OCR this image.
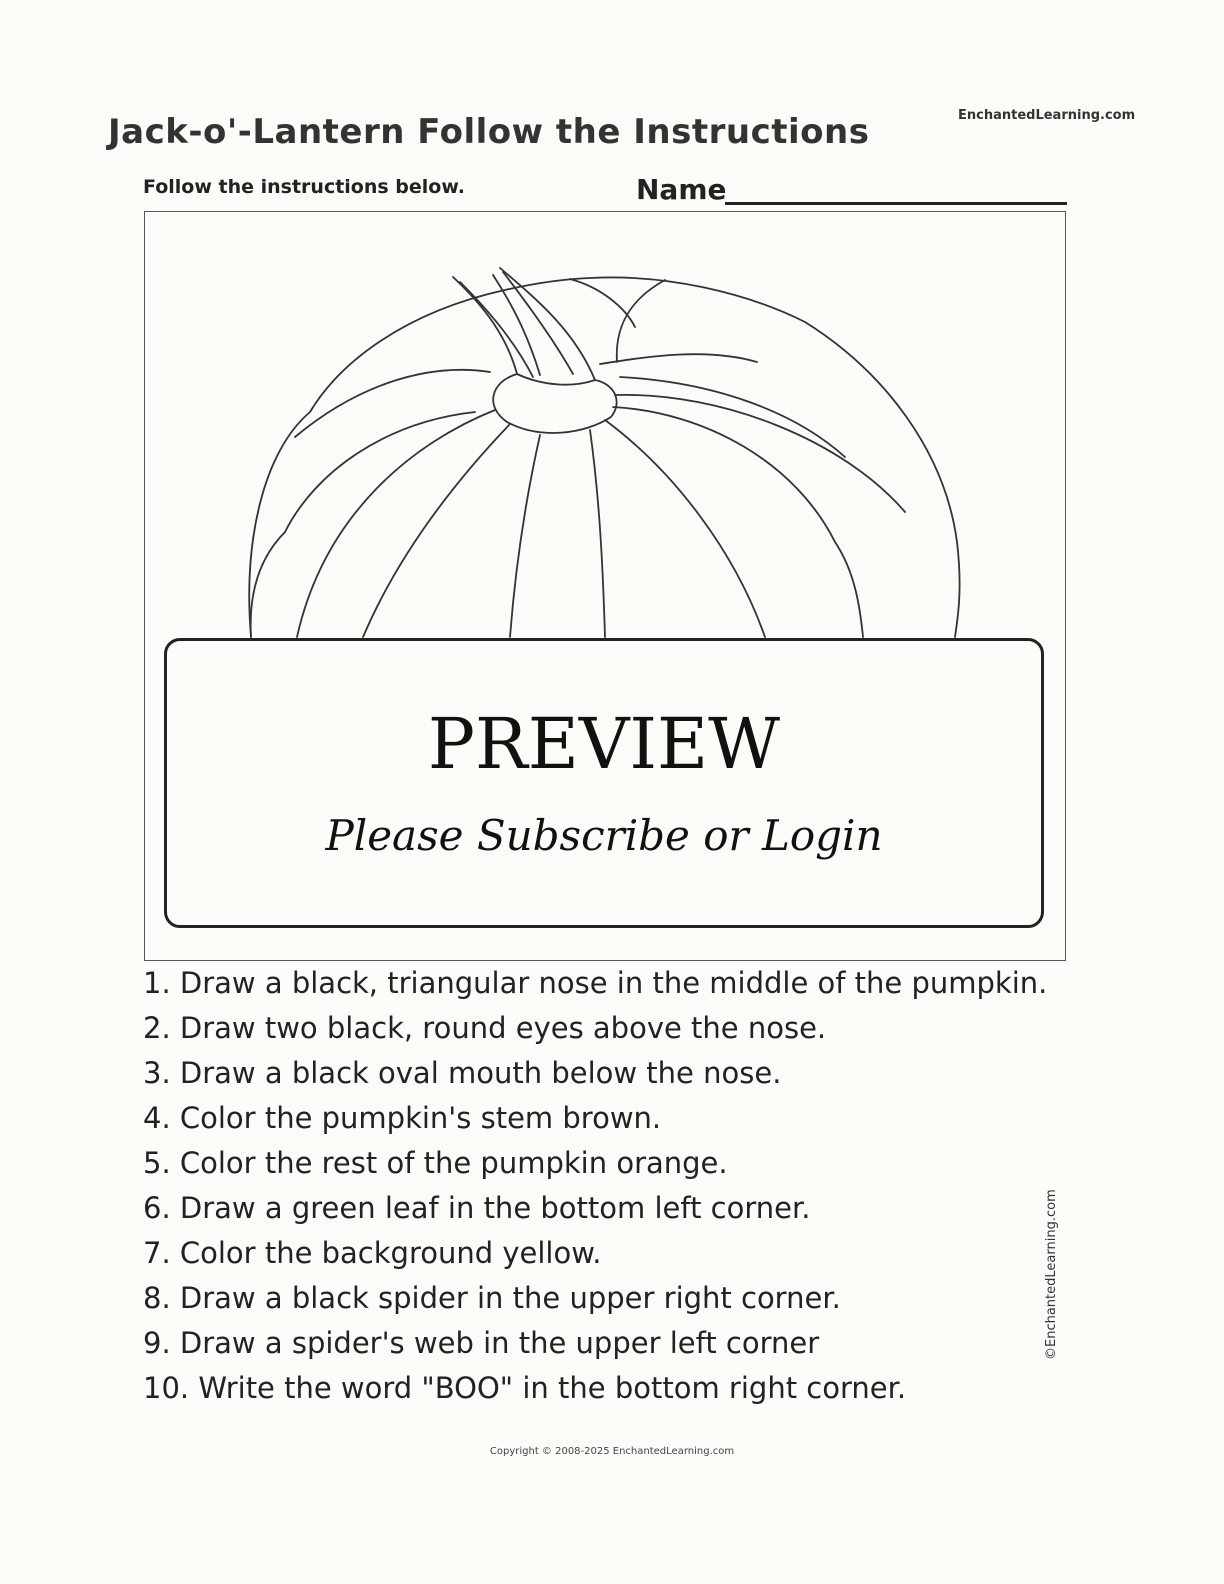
EnchantedLearning.com
Jack-o'-Lantern Follow the Instructions
Follow the instructions below.	Name
PREVIEW
Please Subscribe or Login
1. Draw a black, triangular nose in the middle of the pumpkin.
2. Draw two black, round eyes above the nose.
3. Draw a black oval mouth below the nose.
4. Color the pumpkin's stem brown.
5. Color the rest of the pumpkin orange.
6. Draw a green leaf in the bottom left corner.
7. Color the background yellow.
8. Draw a black spider in the upper right corner.
9. Draw a spider's web in the upper left corner
10. Write the word "BOO" in the bottom right corner.
©EnchantedLearning.com
Copyright © 2008-2025 EnchantedLearning.com
